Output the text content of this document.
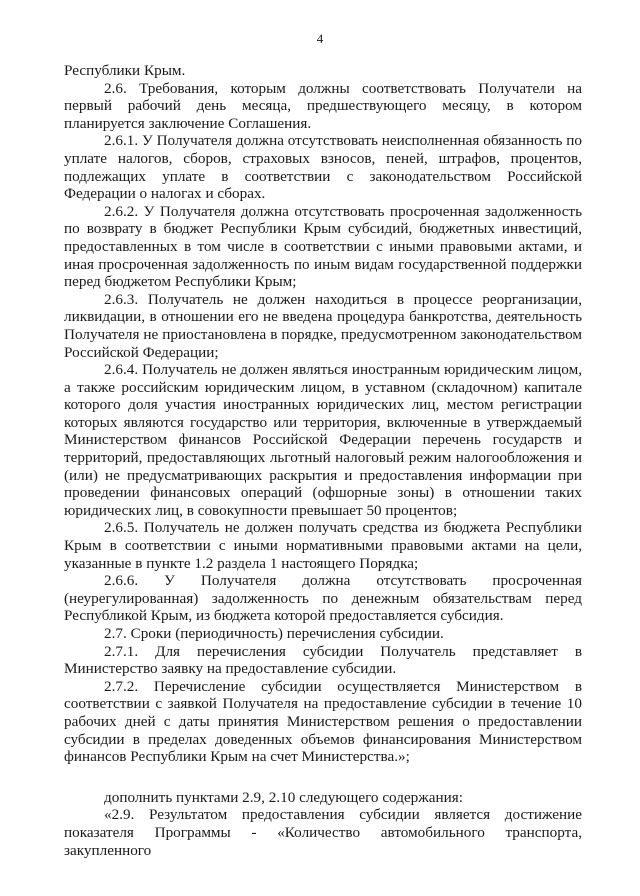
4

Республики Крым.

2.6. Требования, которым должны соответствовать Получатели на первый рабочий день месяца, предшествующего месяцу, в котором планируется заключение Соглашения.

2.6.1. У Получателя должна отсутствовать неисполненная обязанность по уплате налогов, сборов, страховых взносов, пеней, штрафов, процентов, подлежащих уплате в соответствии с законодательством Российской Федерации о налогах и сборах.

2.6.2. У Получателя должна отсутствовать просроченная задолженность по возврату в бюджет Республики Крым субсидий, бюджетных инвестиций, предоставленных в том числе в соответствии с иными правовыми актами, и иная просроченная задолженность по иным видам государственной поддержки перед бюджетом Республики Крым;

2.6.3. Получатель не должен находиться в процессе реорганизации, ликвидации, в отношении его не введена процедура банкротства, деятельность Получателя не приостановлена в порядке, предусмотренном законодательством Российской Федерации;

2.6.4. Получатель не должен являться иностранным юридическим лицом, а также российским юридическим лицом, в уставном (складочном) капитале которого доля участия иностранных юридических лиц, местом регистрации которых являются государство или территория, включенные в утверждаемый Министерством финансов Российской Федерации перечень государств и территорий, предоставляющих льготный налоговый режим налогообложения и (или) не предусматривающих раскрытия и предоставления информации при проведении финансовых операций (офшорные зоны) в отношении таких юридических лиц, в совокупности превышает 50 процентов;

2.6.5. Получатель не должен получать средства из бюджета Республики Крым в соответствии с иными нормативными правовыми актами на цели, указанные в пункте 1.2 раздела 1 настоящего Порядка;

2.6.6. У Получателя должна отсутствовать просроченная (неурегулированная) задолженность по денежным обязательствам перед Республикой Крым, из бюджета которой предоставляется субсидия.

2.7. Сроки (периодичность) перечисления субсидии.

2.7.1. Для перечисления субсидии Получатель представляет в Министерство заявку на предоставление субсидии.

2.7.2. Перечисление субсидии осуществляется Министерством в соответствии с заявкой Получателя на предоставление субсидии в течение 10 рабочих дней с даты принятия Министерством решения о предоставлении субсидии в пределах доведенных объемов финансирования Министерством финансов Республики Крым на счет Министерства.»;

дополнить пунктами 2.9, 2.10 следующего содержания:

«2.9. Результатом предоставления субсидии является достижение показателя Программы - «Количество автомобильного транспорта, закупленного
